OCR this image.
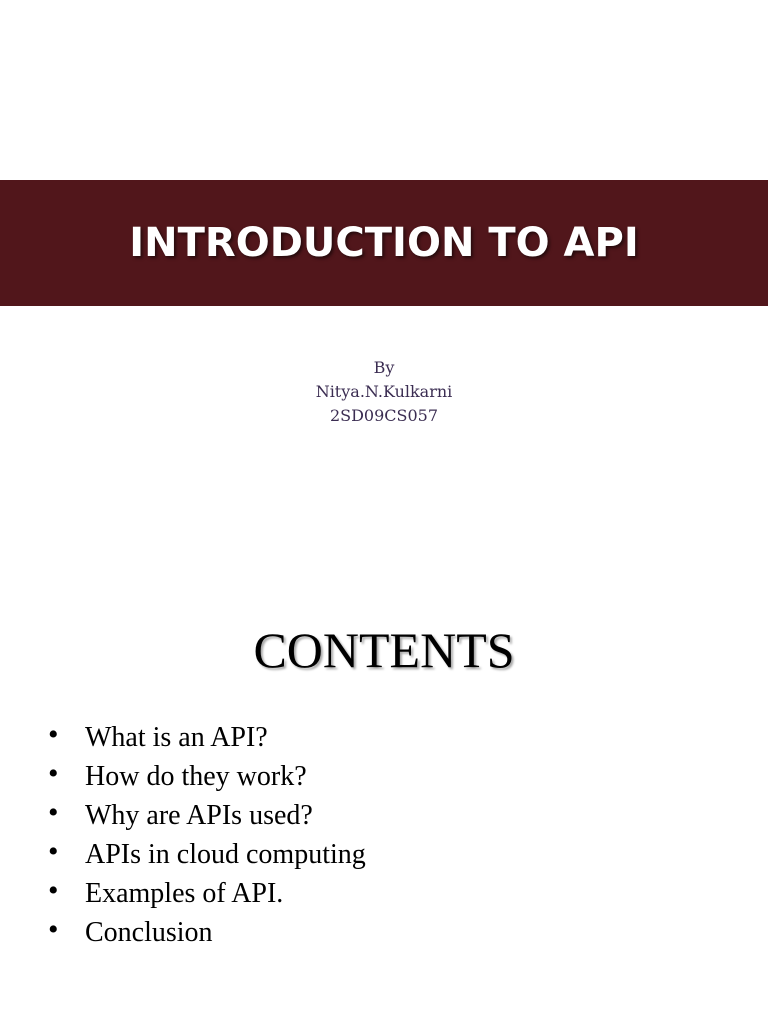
INTRODUCTION TO API
By
Nitya.N.Kulkarni
2SD09CS057
CONTENTS
• What is an API?
• How do they work?
• Why are APIs used?
• APIs in cloud computing
• Examples of API.
• Conclusion
